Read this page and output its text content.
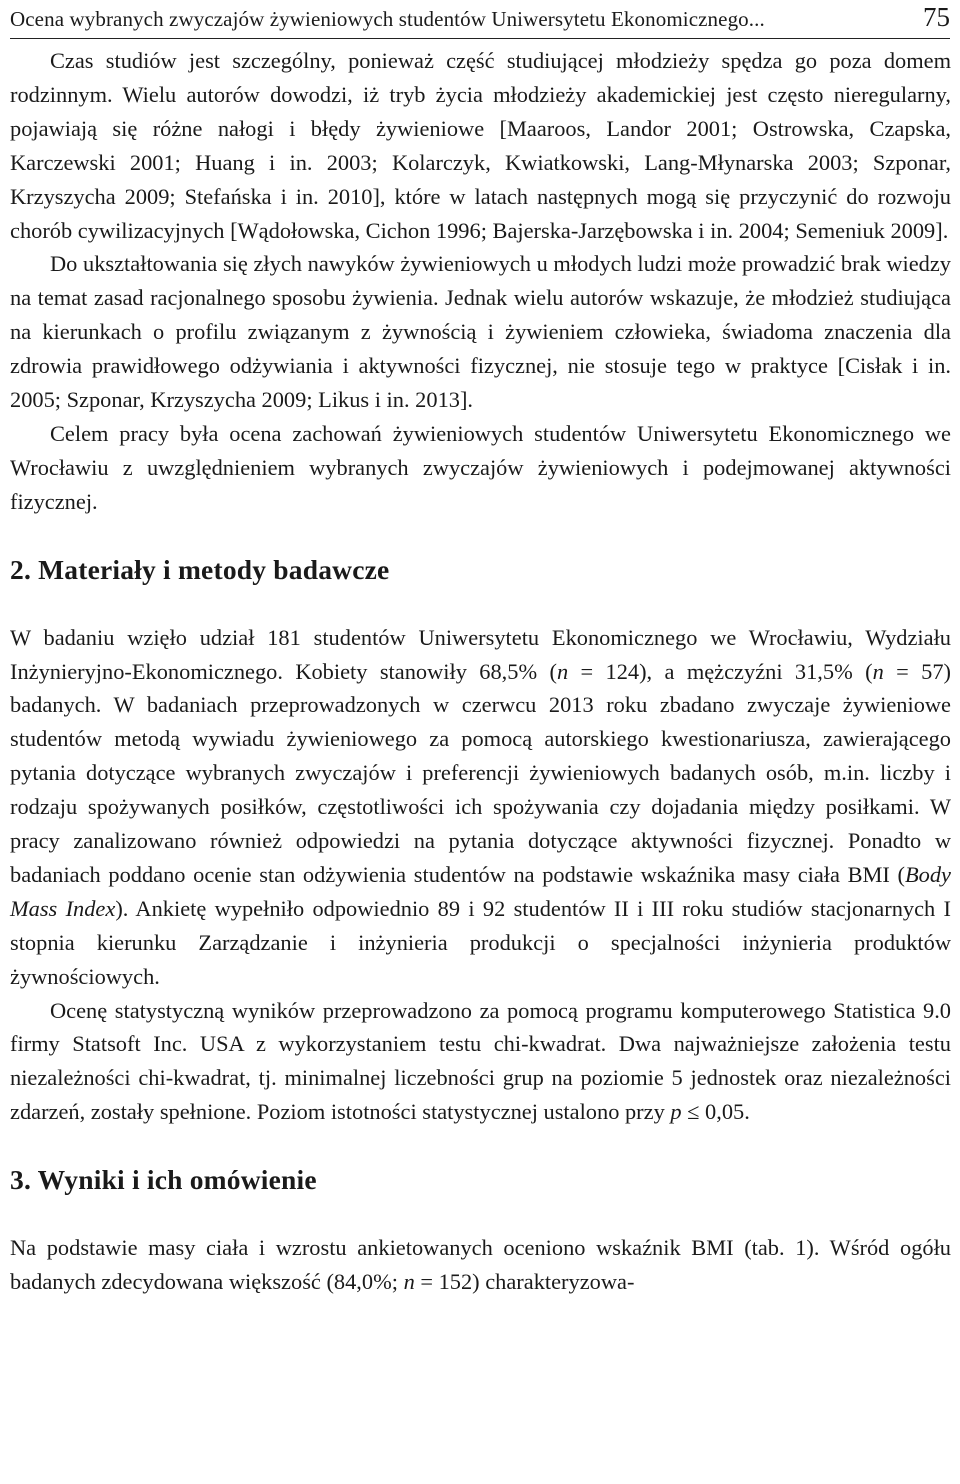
Ocena wybranych zwyczajów żywieniowych studentów Uniwersytetu Ekonomicznego...	75

Czas studiów jest szczególny, ponieważ część studiującej młodzieży spędza go poza domem rodzinnym. Wielu autorów dowodzi, iż tryb życia młodzieży akademickiej jest często nieregularny, pojawiają się różne nałogi i błędy żywieniowe [Maaroos, Landor 2001; Ostrowska, Czapska, Karczewski 2001; Huang i in. 2003; Kolarczyk, Kwiatkowski, Lang-Młynarska 2003; Szponar, Krzyszycha 2009; Stefańska i in. 2010], które w latach następnych mogą się przyczynić do rozwoju chorób cywilizacyjnych [Wądołowska, Cichon 1996; Bajerska-Jarzębowska i in. 2004; Semeniuk 2009].

Do ukształtowania się złych nawyków żywieniowych u młodych ludzi może prowadzić brak wiedzy na temat zasad racjonalnego sposobu żywienia. Jednak wielu autorów wskazuje, że młodzież studiująca na kierunkach o profilu związanym z żywnością i żywieniem człowieka, świadoma znaczenia dla zdrowia prawidłowego odżywiania i aktywności fizycznej, nie stosuje tego w praktyce [Cisłak i in. 2005; Szponar, Krzyszycha 2009; Likus i in. 2013].

Celem pracy była ocena zachowań żywieniowych studentów Uniwersytetu Ekonomicznego we Wrocławiu z uwzględnieniem wybranych zwyczajów żywieniowych i podejmowanej aktywności fizycznej.

2. Materiały i metody badawcze

W badaniu wzięło udział 181 studentów Uniwersytetu Ekonomicznego we Wrocławiu, Wydziału Inżynieryjno-Ekonomicznego. Kobiety stanowiły 68,5% (n = 124), a mężczyźni 31,5% (n = 57) badanych. W badaniach przeprowadzonych w czerwcu 2013 roku zbadano zwyczaje żywieniowe studentów metodą wywiadu żywieniowego za pomocą autorskiego kwestionariusza, zawierającego pytania dotyczące wybranych zwyczajów i preferencji żywieniowych badanych osób, m.in. liczby i rodzaju spożywanych posiłków, częstotliwości ich spożywania czy dojadania między posiłkami. W pracy zanalizowano również odpowiedzi na pytania dotyczące aktywności fizycznej. Ponadto w badaniach poddano ocenie stan odżywienia studentów na podstawie wskaźnika masy ciała BMI (Body Mass Index). Ankietę wypełniło odpowiednio 89 i 92 studentów II i III roku studiów stacjonarnych I stopnia kierunku Zarządzanie i inżynieria produkcji o specjalności inżynieria produktów żywnościowych.

Ocenę statystyczną wyników przeprowadzono za pomocą programu komputerowego Statistica 9.0 firmy Statsoft Inc. USA z wykorzystaniem testu chi-kwadrat. Dwa najważniejsze założenia testu niezależności chi-kwadrat, tj. minimalnej liczebności grup na poziomie 5 jednostek oraz niezależności zdarzeń, zostały spełnione. Poziom istotności statystycznej ustalono przy p ≤ 0,05.

3. Wyniki i ich omówienie

Na podstawie masy ciała i wzrostu ankietowanych oceniono wskaźnik BMI (tab. 1). Wśród ogółu badanych zdecydowana większość (84,0%; n = 152) charakteryzowa-
